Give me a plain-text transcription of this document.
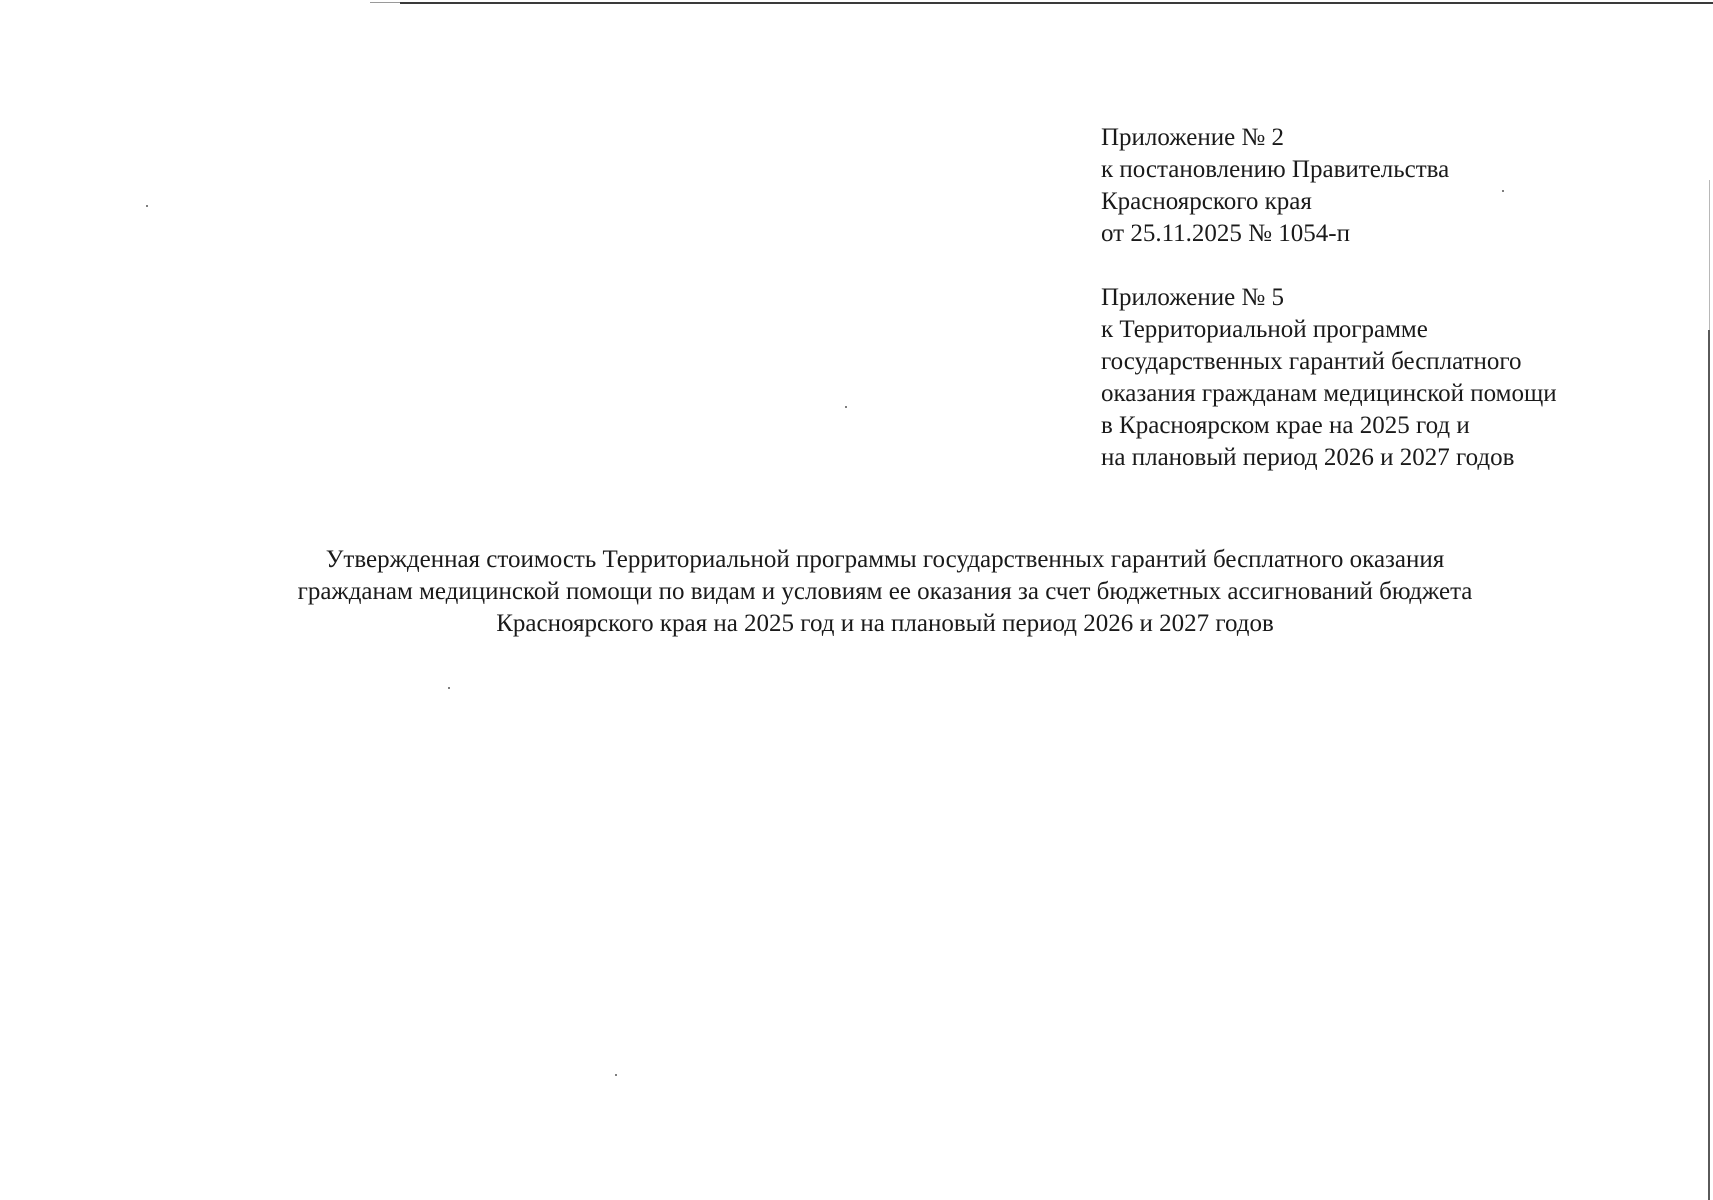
Приложение № 2
к постановлению Правительства
Красноярского края
от 25.11.2025 № 1054-п
Приложение № 5
к Территориальной программе
государственных гарантий бесплатного
оказания гражданам медицинской помощи
в Красноярском крае на 2025 год и
на плановый период 2026 и 2027 годов
Утвержденная стоимость Территориальной программы государственных гарантий бесплатного оказания
гражданам медицинской помощи по видам и условиям ее оказания за счет бюджетных ассигнований бюджета
Красноярского края на 2025 год и на плановый период 2026 и 2027 годов
